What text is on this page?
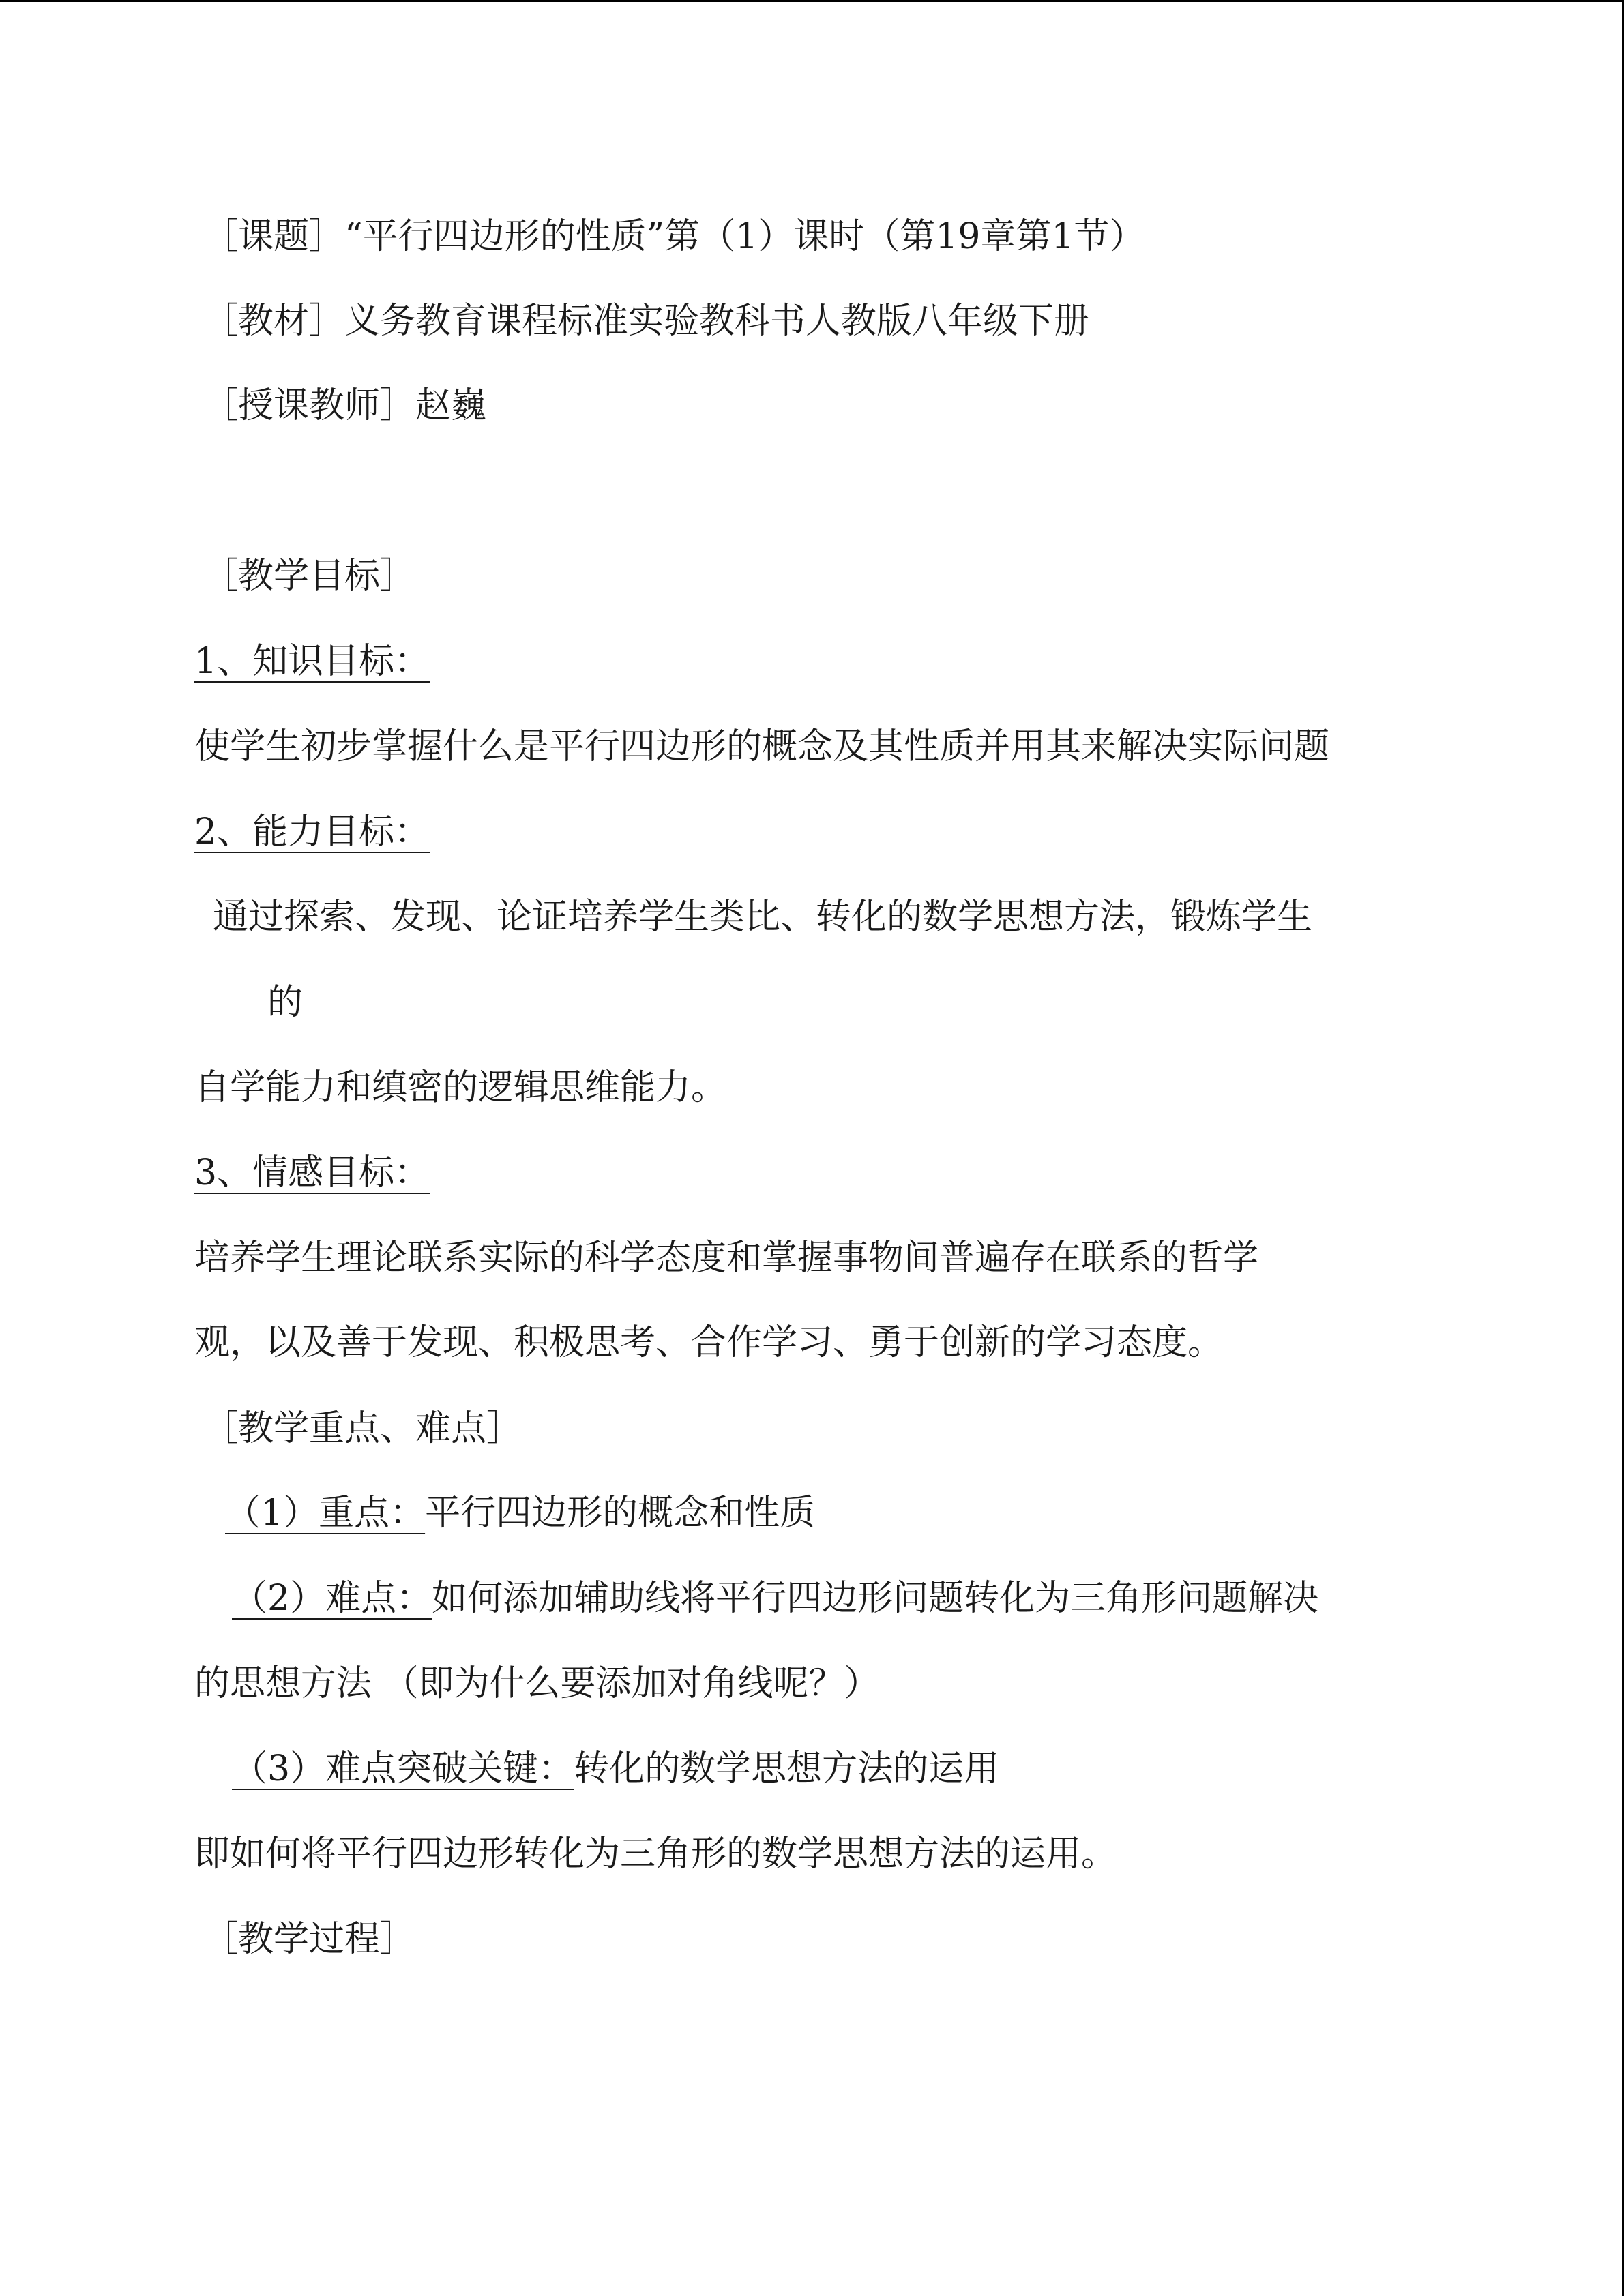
［课题］“平行四边形的性质”第（1）课时（第19章第1节）
［教材］义务教育课程标准实验教科书人教版八年级下册
［授课教师］赵巍
［教学目标］
1、知识目标：
使学生初步掌握什么是平行四边形的概念及其性质并用其来解决实际问题
2、能力目标：
通过探索、发现、论证培养学生类比、转化的数学思想方法，锻炼学生
的
自学能力和缜密的逻辑思维能力。
3、情感目标：
培养学生理论联系实际的科学态度和掌握事物间普遍存在联系的哲学
观，以及善于发现、积极思考、合作学习、勇于创新的学习态度。
［教学重点、难点］
（1）重点：平行四边形的概念和性质
（2）难点：如何添加辅助线将平行四边形问题转化为三角形问题解决
的思想方法 （即为什么要添加对角线呢？）
（3）难点突破关键：转化的数学思想方法的运用
即如何将平行四边形转化为三角形的数学思想方法的运用。
［教学过程］
